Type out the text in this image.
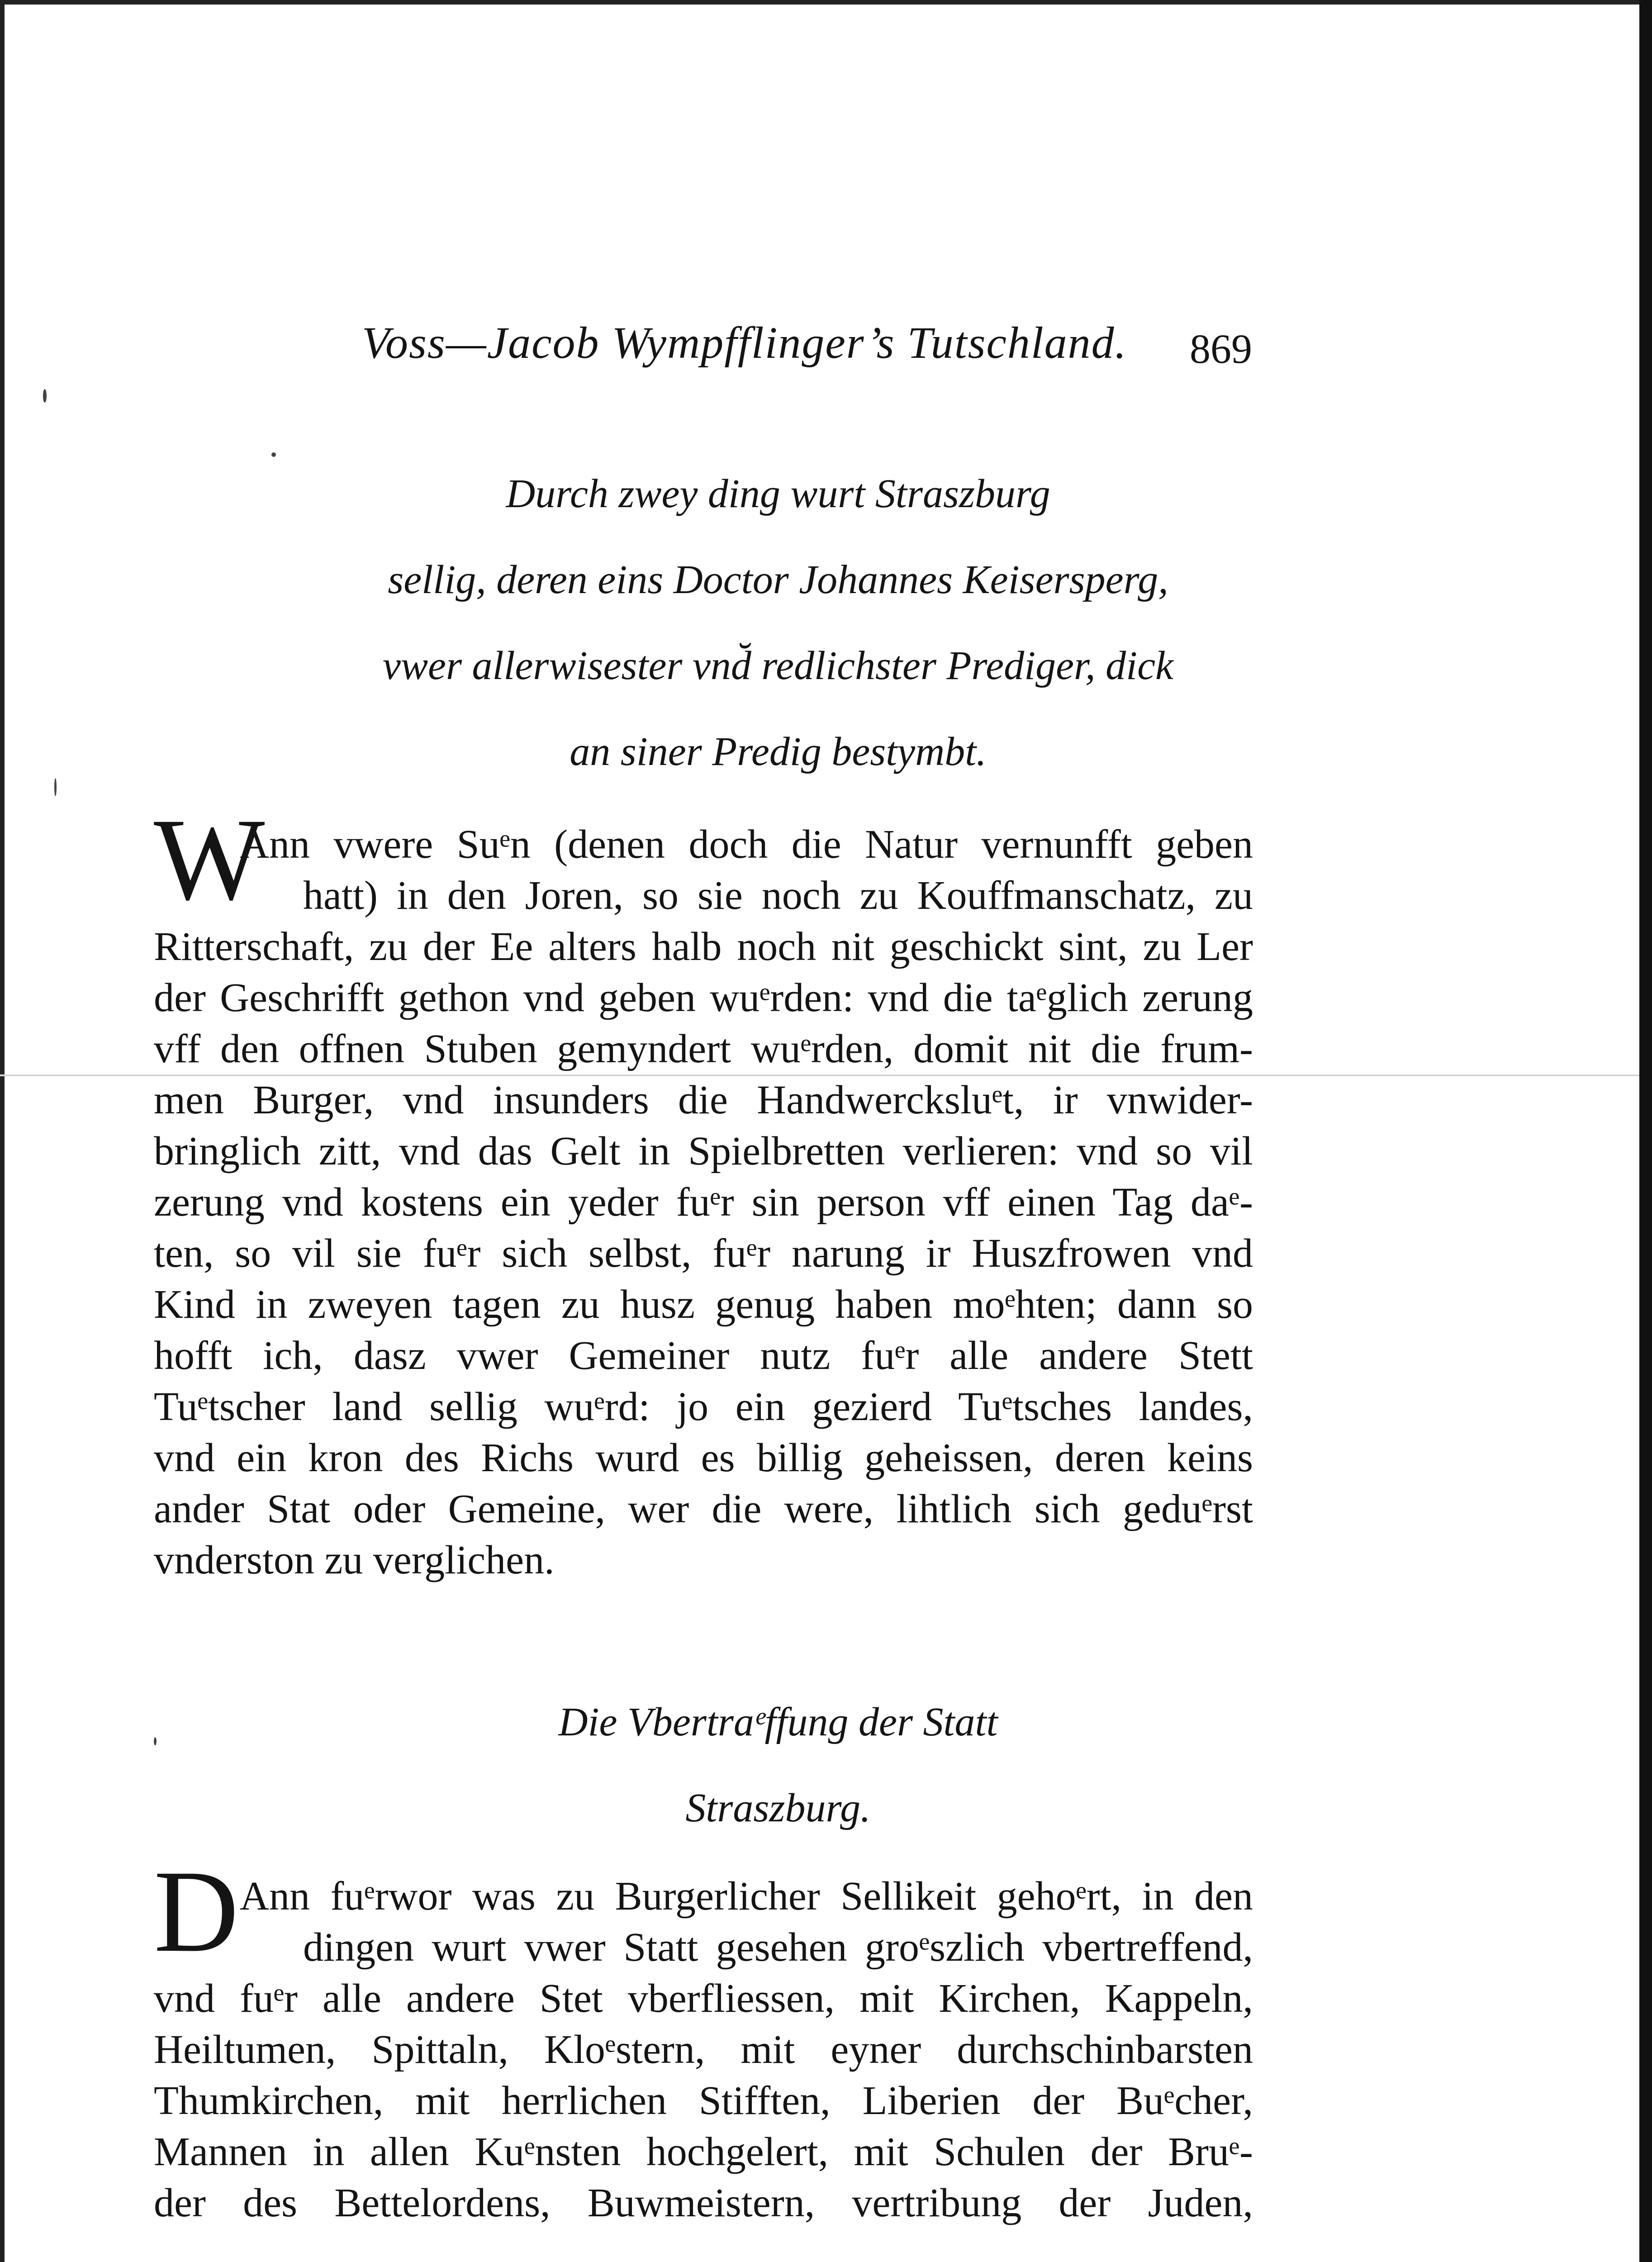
Voss—Jacob Wympfflinger’s Tutschland. 869
Durch zwey ding wurt Straszburg
sellig, deren eins Doctor Johannes Keisersperg,
vwer allerwisester vnd̆ redlichster Prediger, dick
an siner Predig bestymbt.
W
Ann vwere Suᵉn (denen doch die Natur vernunfft geben
hatt) in den Joren, so sie noch zu Kouffmanschatz, zu
Ritterschaft, zu der Ee alters halb noch nit geschickt sint, zu Ler
der Geschrifft gethon vnd geben wuᵉrden: vnd die taᵉglich zerung
vff den offnen Stuben gemyndert wuᵉrden, domit nit die frum-
men Burger, vnd insunders die Handwercksluᵉt, ir vnwider-
bringlich zitt, vnd das Gelt in Spielbretten verlieren: vnd so vil
zerung vnd kostens ein yeder fuᵉr sin person vff einen Tag daᵉ-
ten, so vil sie fuᵉr sich selbst, fuᵉr narung ir Huszfrowen vnd
Kind in zweyen tagen zu husz genug haben moᵉhten; dann so
hofft ich, dasz vwer Gemeiner nutz fuᵉr alle andere Stett
Tuᵉtscher land sellig wuᵉrd: jo ein gezierd Tuᵉtsches landes,
vnd ein kron des Richs wurd es billig geheissen, deren keins
ander Stat oder Gemeine, wer die were, lihtlich sich geduᵉrst
vnderston zu verglichen.
Die Vbertraᵉffung der Statt
Straszburg.
D Ann fuᵉrwor was zu Burgerlicher Sellikeit gehoᵉrt, in den
dingen wurt vwer Statt gesehen groᵉszlich vbertreffend,
vnd fuᵉr alle andere Stet vberfliessen, mit Kirchen, Kappeln,
Heiltumen, Spittaln, Kloᵉstern, mit eyner durchschinbarsten
Thumkirchen, mit herrlichen Stifften, Liberien der Buᵉcher,
Mannen in allen Kuᵉnsten hochgelert, mit Schulen der Bruᵉ-
der des Bettelordens, Buwmeistern, vertribung der Juden,
